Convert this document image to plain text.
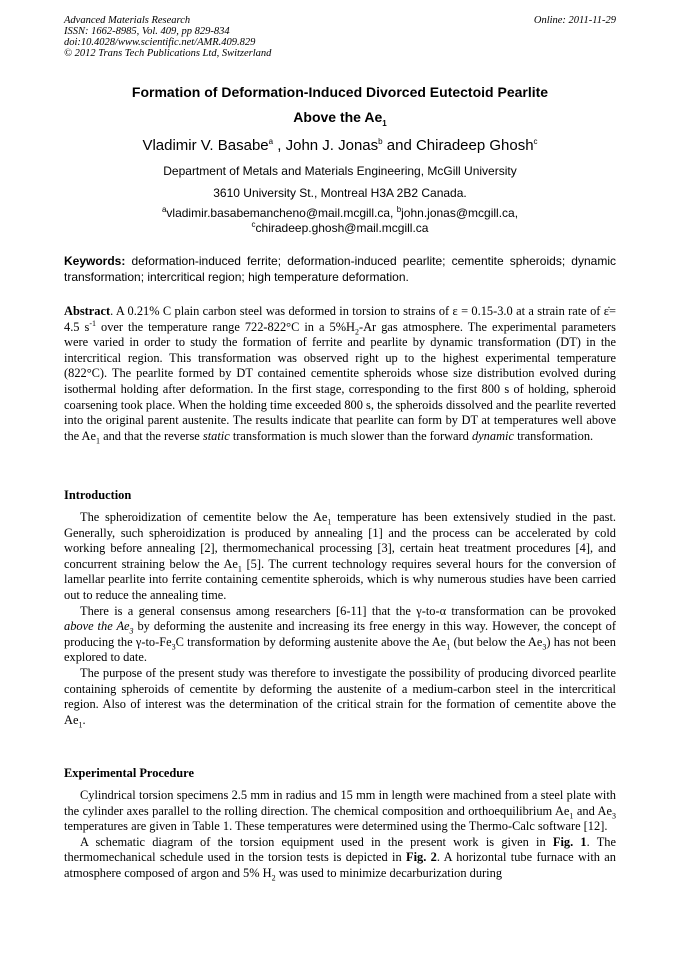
Advanced Materials Research
ISSN: 1662-8985, Vol. 409, pp 829-834
doi:10.4028/www.scientific.net/AMR.409.829
© 2012 Trans Tech Publications Ltd, Switzerland
Online: 2011-11-29
Formation of Deformation-Induced Divorced Eutectoid Pearlite
Above the $Ae_1$
Vladimir V. Basabe$^a$ , John J. Jonas$^b$ and Chiradeep Ghosh$^c$
Department of Metals and Materials Engineering, McGill University
3610 University St., Montreal H3A 2B2 Canada.
$^a$vladimir.basabemancheno@mail.mcgill.ca, $^b$john.jonas@mcgill.ca,
$^c$chiradeep.ghosh@mail.mcgill.ca
Keywords: deformation-induced ferrite; deformation-induced pearlite; cementite spheroids; dynamic transformation; intercritical region; high temperature deformation.
Abstract. A 0.21% C plain carbon steel was deformed in torsion to strains of ε = 0.15-3.0 at a strain rate of ε= 4.5 $s^{-1}$ over the temperature range 722-822°C in a $5\%H_2-Ar$ gas atmosphere. The experimental parameters were varied in order to study the formation of ferrite and pearlite by dynamic transformation (DT) in the intercritical region. This transformation was observed right up to the highest experimental temperature (822°C). The pearlite formed by DT contained cementite spheroids whose size distribution evolved during isothermal holding after deformation. In the first stage, corresponding to the first 800 s of holding, spheroid coarsening took place. When the holding time exceeded 800 s, the spheroids dissolved and the pearlite reverted into the original parent austenite. The results indicate that pearlite can form by DT at temperatures well above the $Ae_1$ and that the reverse static transformation is much slower than the forward dynamic transformation.
Introduction

The spheroidization of cementite below the $Ae_1$ temperature has been extensively studied in the past. Generally, such spheroidization is produced by annealing [1] and the process can be accelerated by cold working before annealing [2], thermomechanical processing [3], certain heat treatment procedures [4], and concurrent straining below the $Ae_1$ [5]. The current technology requires several hours for the conversion of lamellar pearlite into ferrite containing cementite spheroids, which is why numerous studies have been carried out to reduce the annealing time.

There is a general consensus among researchers [6-11] that the γ-to-α transformation can be provoked above the $Ae_3$ by deforming the austenite and increasing its free energy in this way. However, the concept of producing the $\gamma-to-Fe_3C$ transformation by deforming austenite above the $Ae_1$ (but below the $Ae_3$) has not been explored to date.

The purpose of the present study was therefore to investigate the possibility of producing divorced pearlite containing spheroids of cementite by deforming the austenite of a medium-carbon steel in the intercritical region. Also of interest was the determination of the critical strain for the formation of cementite above the $Ae_1$.

Experimental Procedure

Cylindrical torsion specimens 2.5 mm in radius and 15 mm in length were machined from a steel plate with the cylinder axes parallel to the rolling direction. The chemical composition and orthoequilibrium $Ae_1$ and $Ae_3$ temperatures are given in Table 1. These temperatures were determined using the Thermo-Calc software [12].

A schematic diagram of the torsion equipment used in the present work is given in Fig. 1. The thermomechanical schedule used in the torsion tests is depicted in Fig. 2. A horizontal tube furnace with an atmosphere composed of argon and 5% $H_2$ was used to minimize decarburization during
